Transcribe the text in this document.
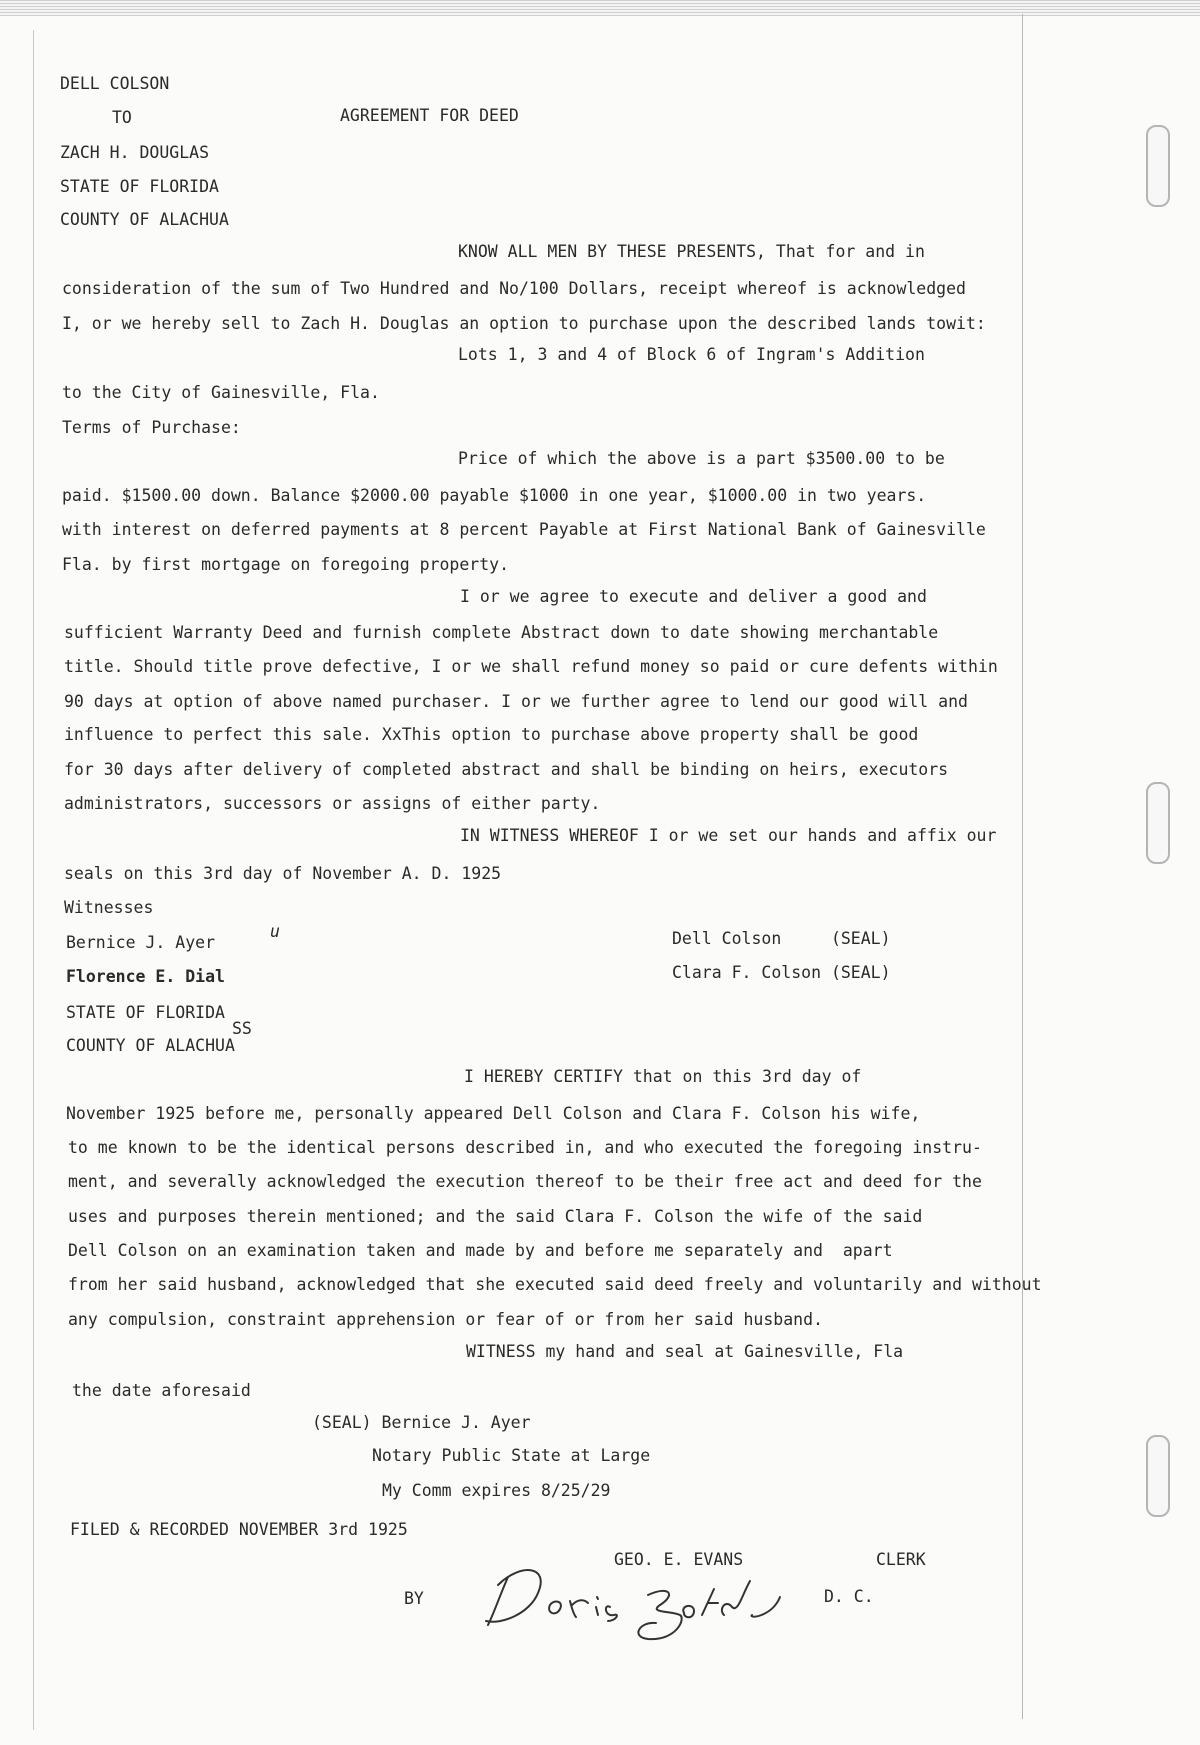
DELL COLSON
TO	AGREEMENT FOR DEED
ZACH H. DOUGLAS
STATE OF FLORIDA
COUNTY OF ALACHUA
KNOW ALL MEN BY THESE PRESENTS, That for and in
consideration of the sum of Two Hundred and No/100 Dollars, receipt whereof is acknowledged
I, or we hereby sell to Zach H. Douglas an option to purchase upon the described lands towit:
Lots 1, 3 and 4 of Block 6 of Ingram's Addition
to the City of Gainesville, Fla.
Terms of Purchase:
Price of which the above is a part $3500.00 to be
paid. $1500.00 down. Balance $2000.00 payable $1000 in one year, $1000.00 in two years.
with interest on deferred payments at 8 percent Payable at First National Bank of Gainesville
Fla. by first mortgage on foregoing property.
I or we agree to execute and deliver a good and
sufficient Warranty Deed and furnish complete Abstract down to date showing merchantable
title. Should title prove defective, I or we shall refund money so paid or cure defents within
90 days at option of above named purchaser. I or we further agree to lend our good will and
influence to perfect this sale. XxThis option to purchase above property shall be good
for 30 days after delivery of completed abstract and shall be binding on heirs, executors
administrators, successors or assigns of either party.
IN WITNESS WHEREOF I or we set our hands and affix our
seals on this 3rd day of November A. D. 1925
Witnesses
Bernice J. Ayer
u
Florence E. Dial
Dell Colson     (SEAL)
Clara F. Colson (SEAL)
STATE OF FLORIDA
SS
COUNTY OF ALACHUA
I HEREBY CERTIFY that on this 3rd day of
November 1925 before me, personally appeared Dell Colson and Clara F. Colson his wife,
to me known to be the identical persons described in, and who executed the foregoing instru-
ment, and severally acknowledged the execution thereof to be their free act and deed for the
uses and purposes therein mentioned; and the said Clara F. Colson the wife of the said
Dell Colson on an examination taken and made by and before me separately and  apart
from her said husband, acknowledged that she executed said deed freely and voluntarily and without
any compulsion, constraint apprehension or fear of or from her said husband.
WITNESS my hand and seal at Gainesville, Fla
the date aforesaid
(SEAL) Bernice J. Ayer
Notary Public State at Large
My Comm expires 8/25/29
FILED & RECORDED NOVEMBER 3rd 1925
GEO. E. EVANS	CLERK
BY	D. C.
